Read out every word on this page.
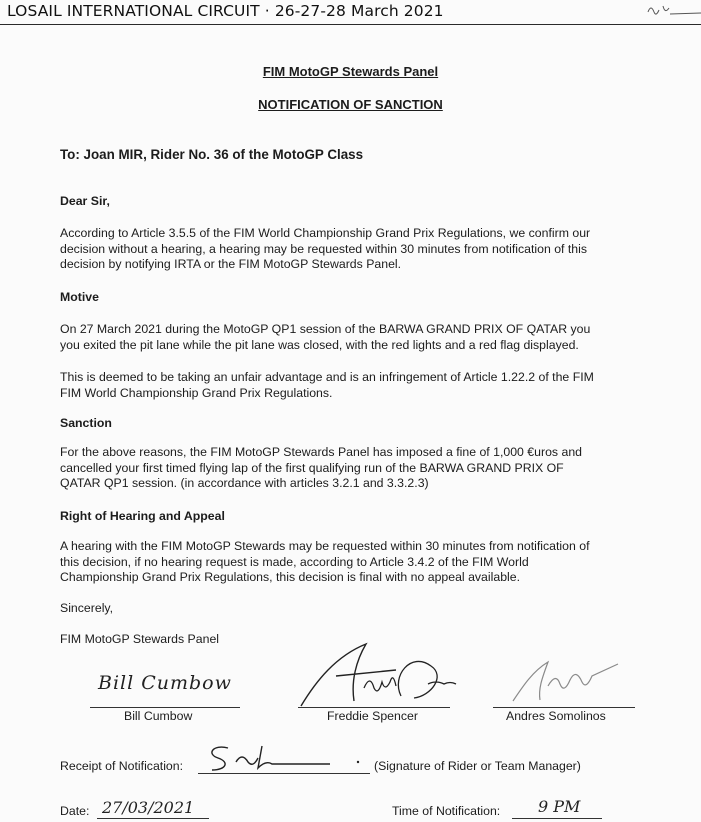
LOSAIL INTERNATIONAL CIRCUIT · 26-27-28 March 2021
FIM MotoGP Stewards Panel
NOTIFICATION OF SANCTION
To: Joan MIR, Rider No. 36 of the MotoGP Class
Dear Sir,
According to Article 3.5.5 of the FIM World Championship Grand Prix Regulations, we confirm our
decision without a hearing, a hearing may be requested within 30 minutes from notification of this
decision by notifying IRTA or the FIM MotoGP Stewards Panel.
Motive
On 27 March 2021 during the MotoGP QP1 session of the BARWA GRAND PRIX OF QATAR you
you exited the pit lane while the pit lane was closed, with the red lights and a red flag displayed.
This is deemed to be taking an unfair advantage and is an infringement of Article 1.22.2 of the FIM
FIM World Championship Grand Prix Regulations.
Sanction
For the above reasons, the FIM MotoGP Stewards Panel has imposed a fine of 1,000 €uros and
cancelled your first timed flying lap of the first qualifying run of the BARWA GRAND PRIX OF
QATAR QP1 session. (in accordance with articles 3.2.1 and 3.3.2.3)
Right of Hearing and Appeal
A hearing with the FIM MotoGP Stewards may be requested within 30 minutes from notification of
this decision, if no hearing request is made, according to Article 3.4.2 of the FIM World
Championship Grand Prix Regulations, this decision is final with no appeal available.
Sincerely,
FIM MotoGP Stewards Panel
Bill Cumbow
Bill Cumbow	Freddie Spencer	Andres Somolinos
Receipt of Notification:	(Signature of Rider or Team Manager)
Date: 27/03/2021	Time of Notification: 9 PM
